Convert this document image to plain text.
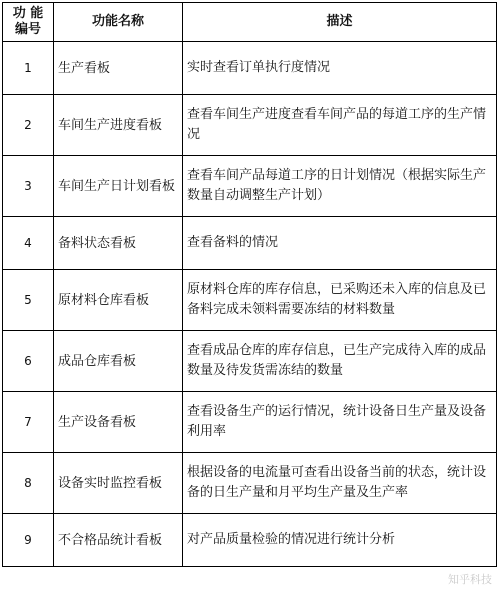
功 能
编号	功能名称	描述
1	生产看板	实时查看订单执行度情况
2	车间生产进度看板	查看车间生产进度查看车间产品的每道工序的生产情况
3	车间生产日计划看板	查看车间产品每道工序的日计划情况（根据实际生产数量自动调整生产计划）
4	备料状态看板	查看备料的情况
5	原材料仓库看板	原材料仓库的库存信息，已采购还未入库的信息及已备料完成未领料需要冻结的材料数量
6	成品仓库看板	查看成品仓库的库存信息，已生产完成待入库的成品数量及待发货需冻结的数量
7	生产设备看板	查看设备生产的运行情况，统计设备日生产量及设备利用率
8	设备实时监控看板	根据设备的电流量可查看出设备当前的状态，统计设备的日生产量和月平均生产量及生产率
9	不合格品统计看板	对产品质量检验的情况进行统计分析
知乎科技
